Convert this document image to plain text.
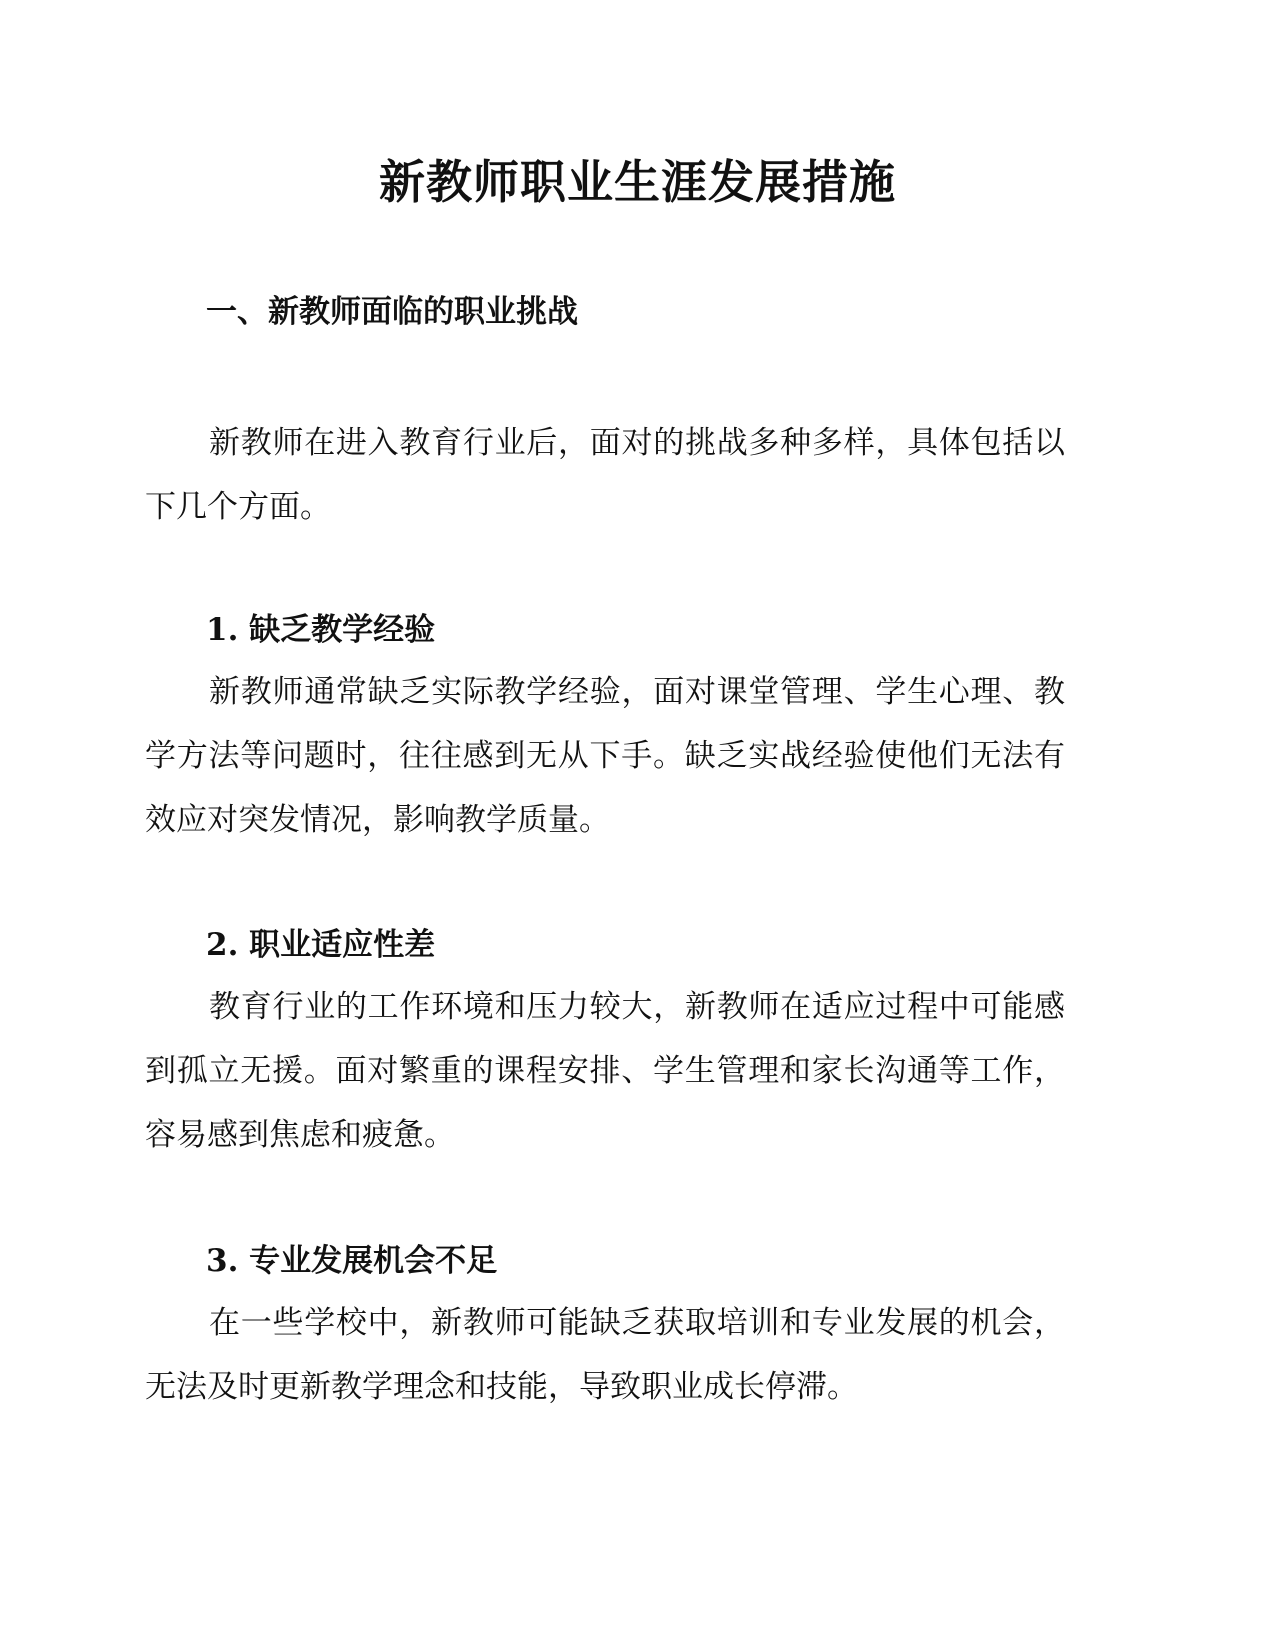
新教师职业生涯发展措施
一、新教师面临的职业挑战

新教师在进入教育行业后，面对的挑战多种多样，具体包括以下几个方面。

1. 缺乏教学经验

新教师通常缺乏实际教学经验，面对课堂管理、学生心理、教学方法等问题时，往往感到无从下手。缺乏实战经验使他们无法有效应对突发情况，影响教学质量。

2. 职业适应性差

教育行业的工作环境和压力较大，新教师在适应过程中可能感到孤立无援。面对繁重的课程安排、学生管理和家长沟通等工作，容易感到焦虑和疲惫。

3. 专业发展机会不足

在一些学校中，新教师可能缺乏获取培训和专业发展的机会，无法及时更新教学理念和技能，导致职业成长停滞。
